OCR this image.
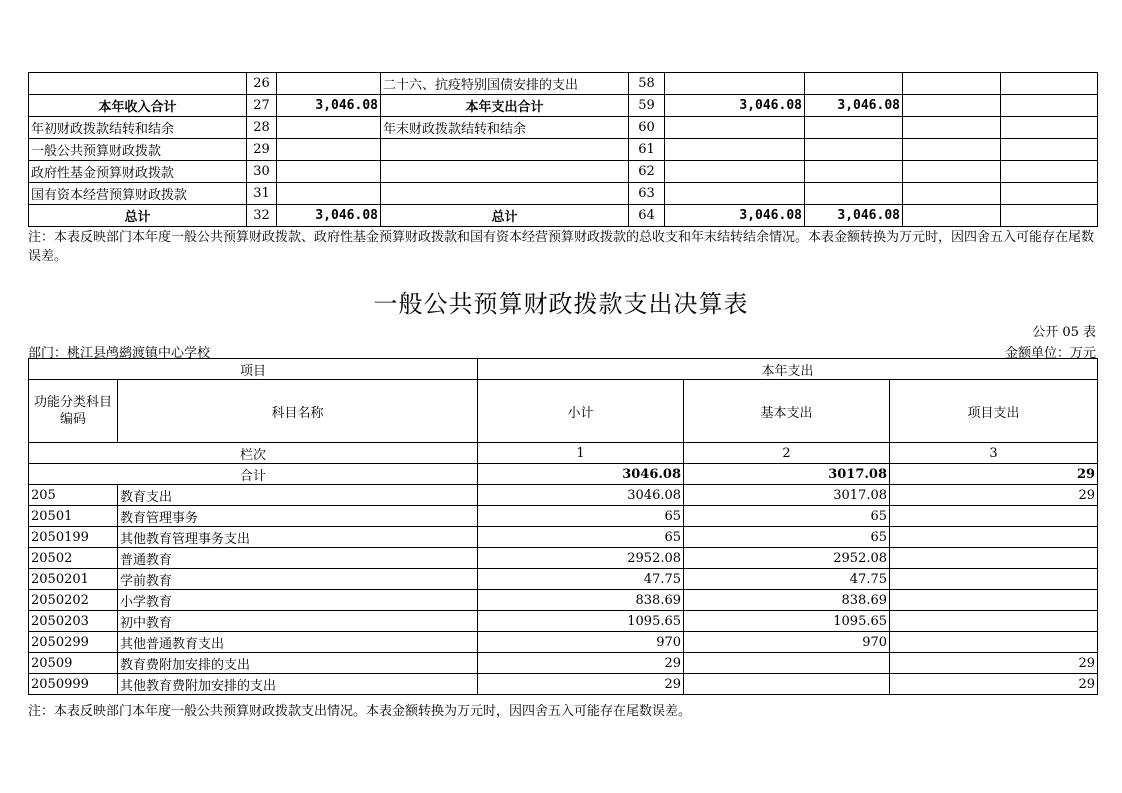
	26		二十六、抗疫特别国债安排的支出	58				
本年收入合计	27	3,046.08	本年支出合计	59	3,046.08	3,046.08		
年初财政拨款结转和结余	28		年末财政拨款结转和结余	60				
一般公共预算财政拨款	29			61				
政府性基金预算财政拨款	30			62				
国有资本经营预算财政拨款	31			63				
总计	32	3,046.08	总计	64	3,046.08	3,046.08		
注：本表反映部门本年度一般公共预算财政拨款、政府性基金预算财政拨款和国有资本经营预算财政拨款的总收支和年末结转结余情况。本表金额转换为万元时，因四舍五入可能存在尾数误差。
一般公共预算财政拨款支出决算表
公开 05 表
部门：桃江县鸬鹚渡镇中心学校	金额单位：万元
项目		本年支出		
功能分类科目编码	科目名称	小计	基本支出	项目支出
栏次		1	2	3
合计		3046.08	3017.08	29
205	教育支出	3046.08	3017.08	29
20501	教育管理事务	65	65	
2050199	其他教育管理事务支出	65	65	
20502	普通教育	2952.08	2952.08	
2050201	学前教育	47.75	47.75	
2050202	小学教育	838.69	838.69	
2050203	初中教育	1095.65	1095.65	
2050299	其他普通教育支出	970	970	
20509	教育费附加安排的支出	29		29
2050999	其他教育费附加安排的支出	29		29
注：本表反映部门本年度一般公共预算财政拨款支出情况。本表金额转换为万元时，因四舍五入可能存在尾数误差。
